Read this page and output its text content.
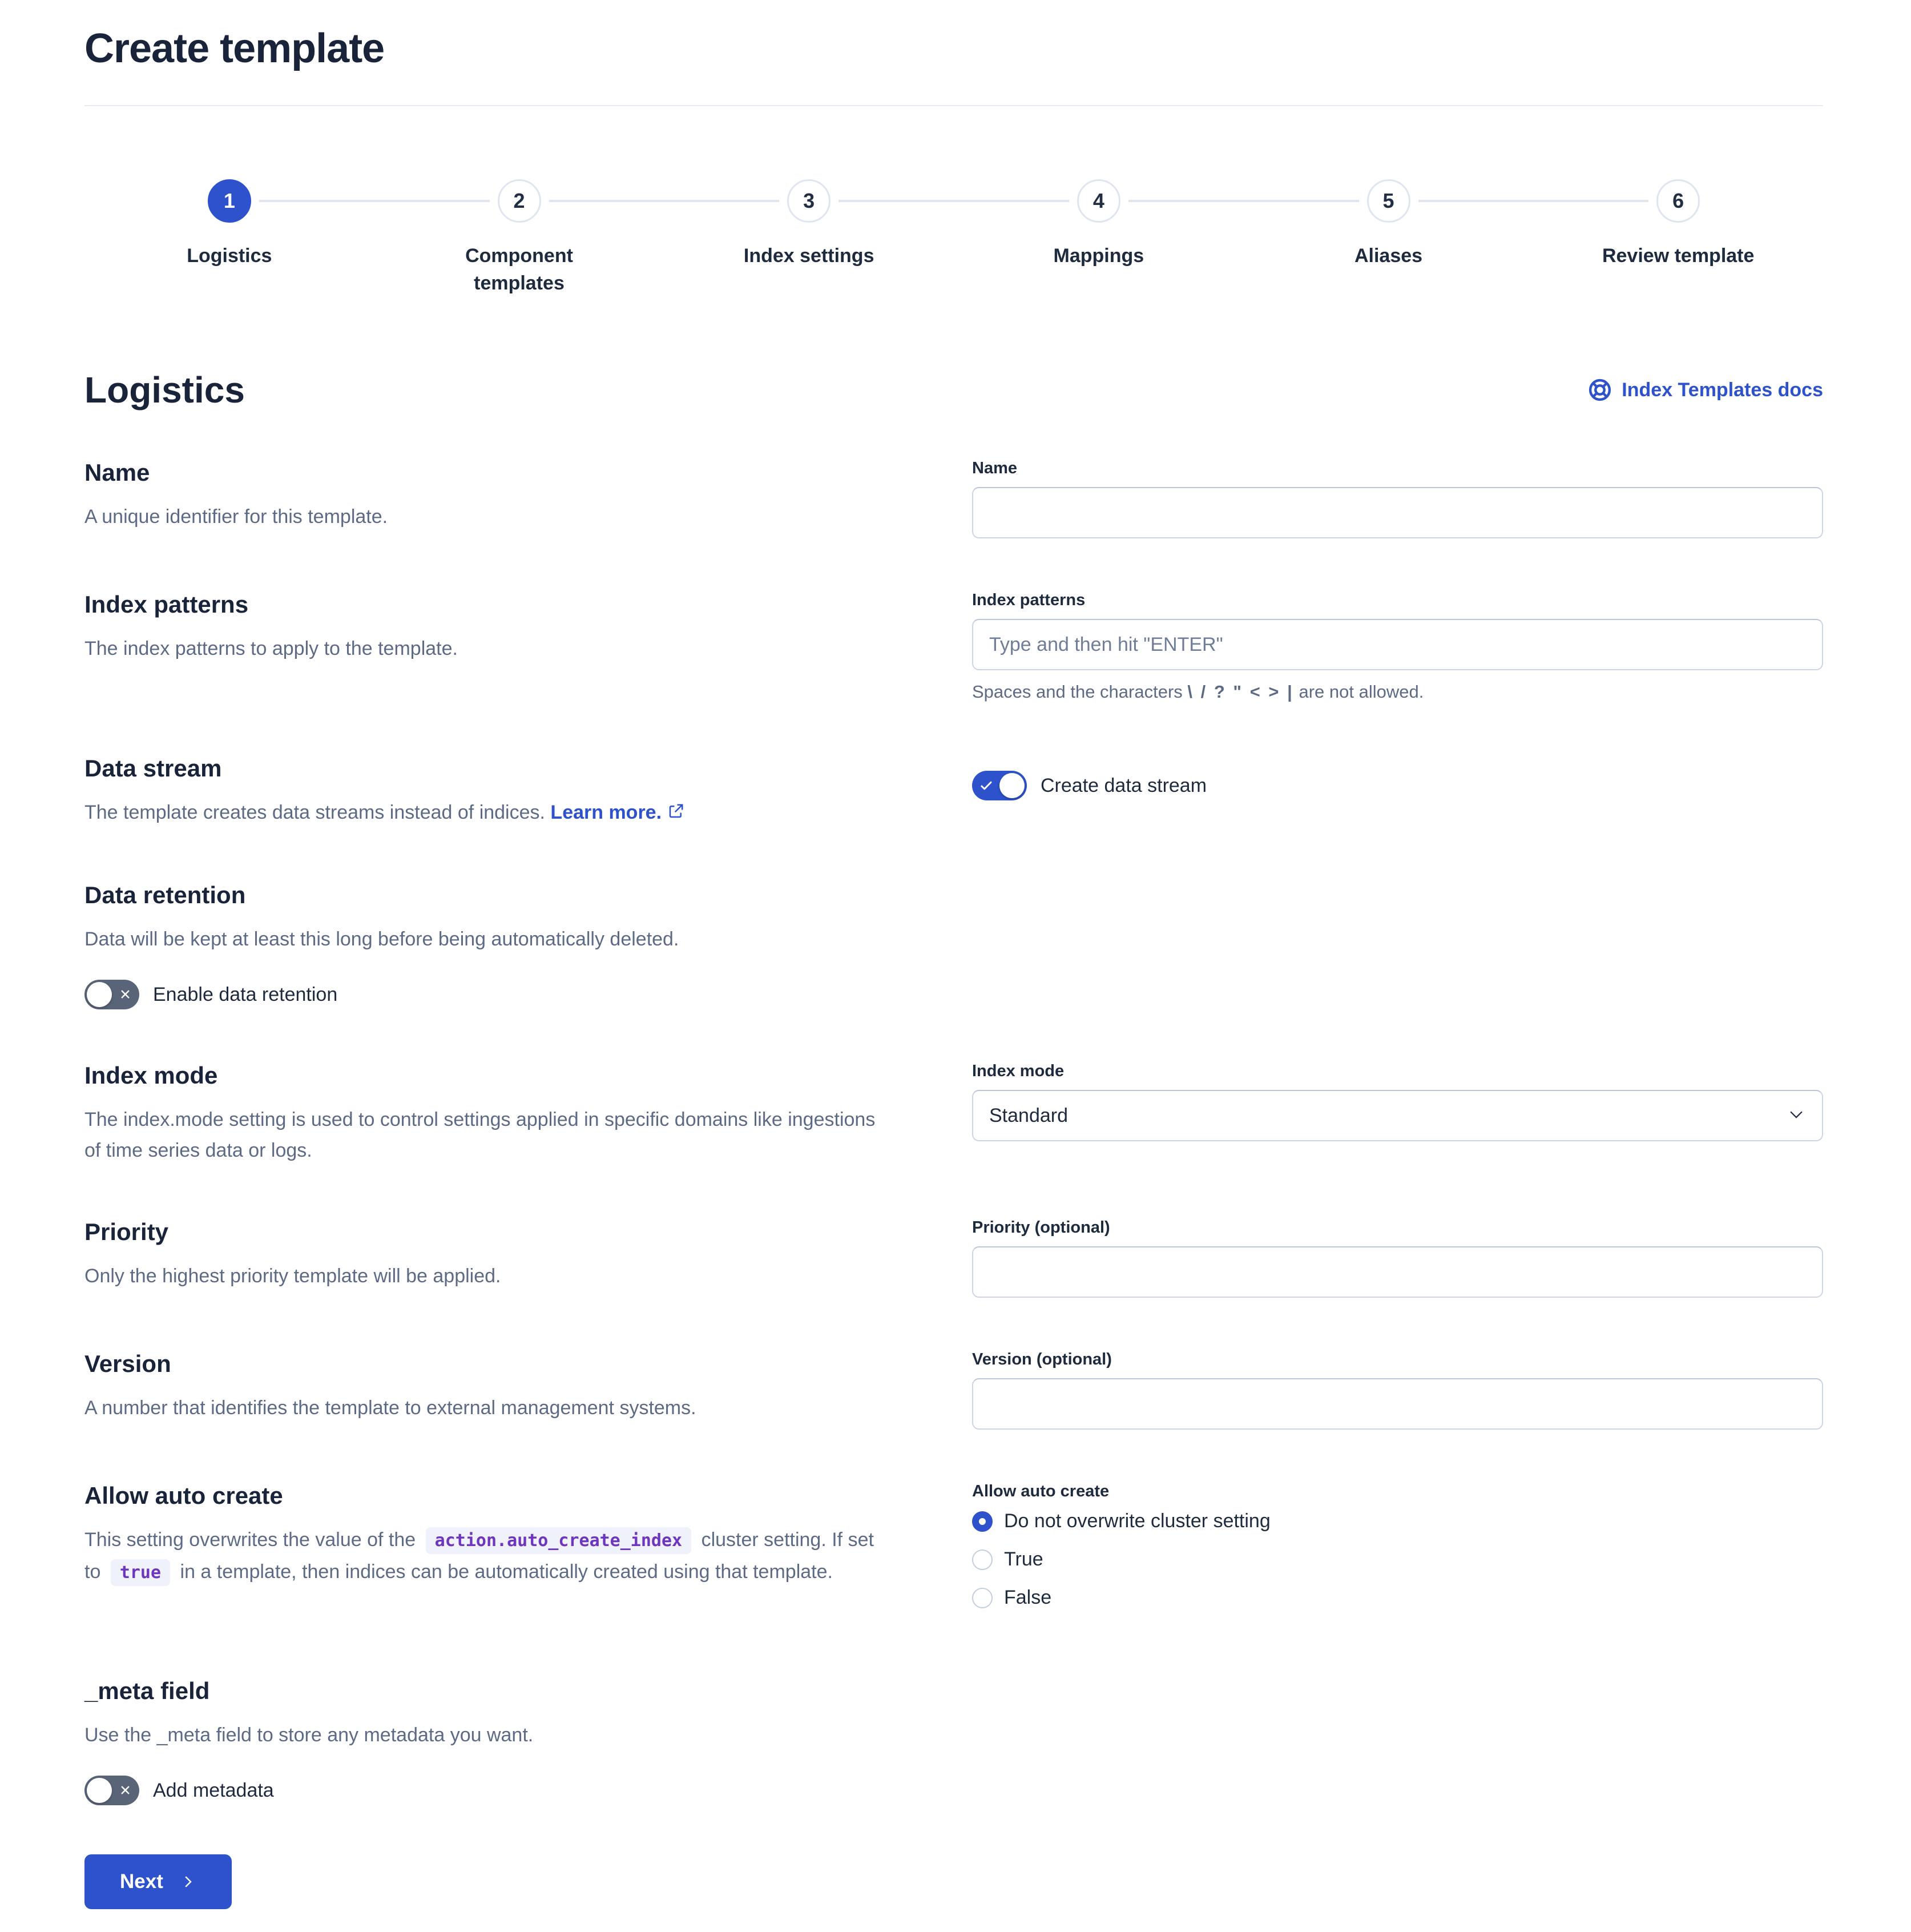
Create template
1
Logistics
2
Component templates
3
Index settings
4
Mappings
5
Aliases
6
Review template
Logistics	Index Templates docs
Name

A unique identifier for this template.

Name
Index patterns

The index patterns to apply to the template.

Index patterns
Type and then hit "ENTER"
Spaces and the characters \ / ? " < > | are not allowed.
Data stream

The template creates data streams instead of indices. Learn more.

Create data stream
Data retention

Data will be kept at least this long before being automatically deleted.

Enable data retention
Index mode

The index.mode setting is used to control settings applied in specific domains like ingestions of time series data or logs.

Index mode
Standard
Priority

Only the highest priority template will be applied.

Priority (optional)
Version

A number that identifies the template to external management systems.

Version (optional)
Allow auto create

This setting overwrites the value of the action.auto_create_index cluster setting. If set to true in a template, then indices can be automatically created using that template.

Allow auto create
Do not overwrite cluster setting
True
False
_meta field

Use the _meta field to store any metadata you want.

Add metadata
Next
